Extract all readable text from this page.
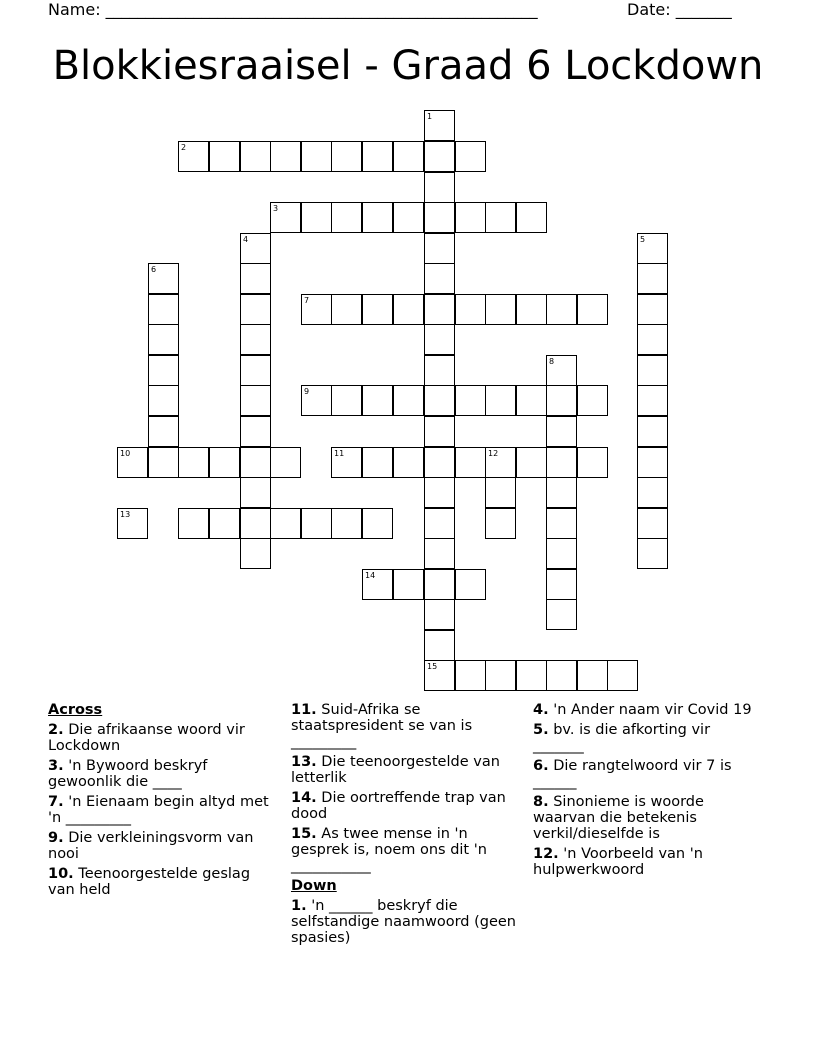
Name: ______________________________________________________	Date: _______
Blokkiesraaisel - Graad 6 Lockdown
1
15
2
3
4	5
6
7
8
9
10	11	12
13
14
Across
2. Die afrikaanse woord vir Lockdown
3. 'n Bywoord beskryf gewoonlik die ____
7. 'n Eienaam begin altyd met 'n _________
9. Die verkleiningsvorm van nooi
10. Teenoorgestelde geslag van held
11. Suid-Afrika se staatspresident se van is _________
13. Die teenoorgestelde van letterlik
14. Die oortreffende trap van dood
15. As twee mense in 'n gesprek is, noem ons dit 'n ___________
Down
1. 'n ______ beskryf die selfstandige naamwoord (geen spasies)
4. 'n Ander naam vir Covid 19
5. bv. is die afkorting vir _______
6. Die rangtelwoord vir 7 is ______
8. Sinonieme is woorde waarvan die betekenis verkil/dieselfde is
12. 'n Voorbeeld van 'n hulpwerkwoord
